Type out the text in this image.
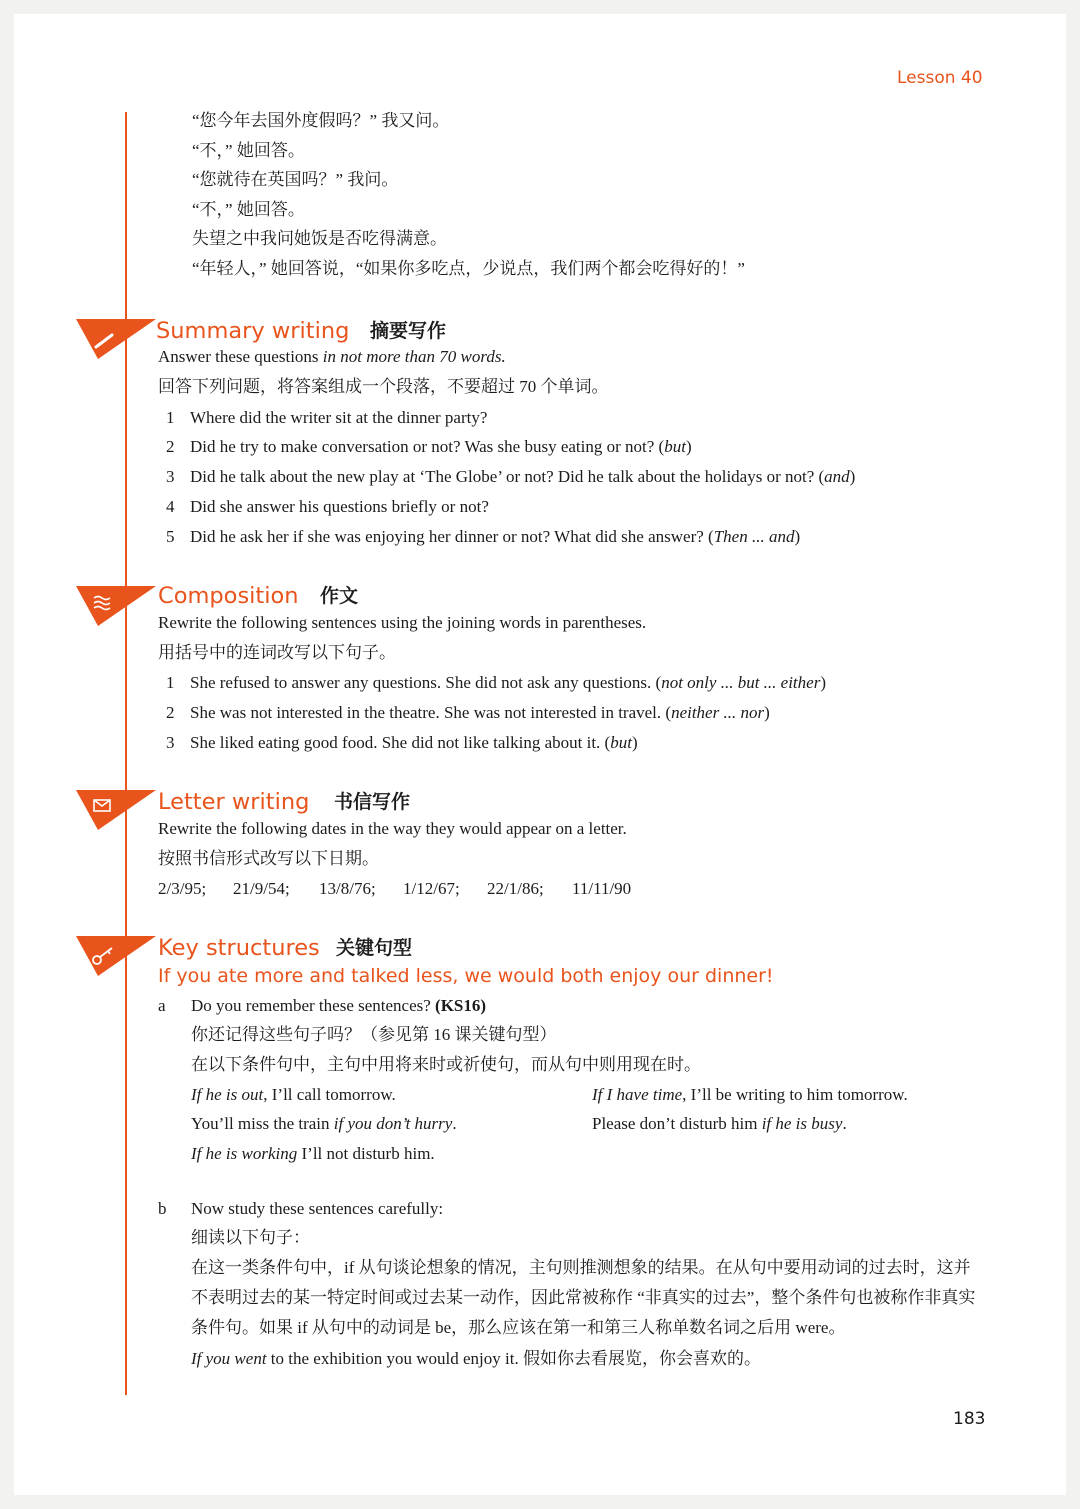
Lesson 40
“您今年去国外度假吗？” 我又问。
“不，” 她回答。
“您就待在英国吗？” 我问。
“不，” 她回答。
失望之中我问她饭是否吃得满意。
“年轻人，” 她回答说，“如果你多吃点，少说点，我们两个都会吃得好的！”
Summary writing 摘要写作
Answer these questions in not more than 70 words.
回答下列问题，将答案组成一个段落，不要超过 70 个单词。
1 Where did the writer sit at the dinner party?
2 Did he try to make conversation or not? Was she busy eating or not? (but)
3 Did he talk about the new play at ‘The Globe’ or not? Did he talk about the holidays or not? (and)
4 Did she answer his questions briefly or not?
5 Did he ask her if she was enjoying her dinner or not? What did she answer? (Then ... and)
Composition 作文
Rewrite the following sentences using the joining words in parentheses.
用括号中的连词改写以下句子。
1 She refused to answer any questions. She did not ask any questions. (not only ... but ... either)
2 She was not interested in the theatre. She was not interested in travel. (neither ... nor)
3 She liked eating good food. She did not like talking about it. (but)
Letter writing 书信写作
Rewrite the following dates in the way they would appear on a letter.
按照书信形式改写以下日期。
2/3/95; 21/9/54; 13/8/76; 1/12/67; 22/1/86; 11/11/90
Key structures 关键句型
If you ate more and talked less, we would both enjoy our dinner!
a Do you remember these sentences? (KS16)
你还记得这些句子吗？（参见第 16 课关键句型）
在以下条件句中，主句中用将来时或祈使句，而从句中则用现在时。
If he is out, I’ll call tomorrow.
You’ll miss the train if you don’t hurry.
If he is working I’ll not disturb him.
If I have time, I’ll be writing to him tomorrow.
Please don’t disturb him if he is busy.
b Now study these sentences carefully:
细读以下句子：
在这一类条件句中，if 从句谈论想象的情况，主句则推测想象的结果。在从句中要用动词的过去时，这并不表明过去的某一特定时间或过去某一动作，因此常被称作 “非真实的过去”，整个条件句也被称作非真实条件句。如果 if 从句中的动词是 be，那么应该在第一和第三人称单数名词之后用 were。
If you went to the exhibition you would enjoy it. 假如你去看展览，你会喜欢的。
183
